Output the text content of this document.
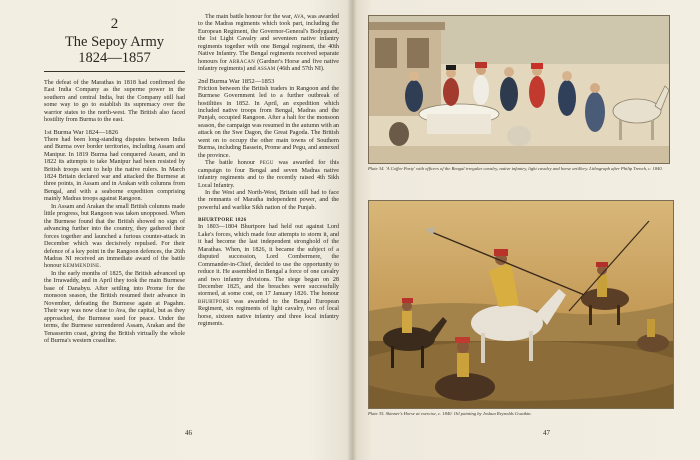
2
The Sepoy Army
1824—1857

The defeat of the Marathas in 1818 had confirmed the East India Company as the superme power in the southern and central India, but the Company still had some way to go to establish its supremacy over the warrior states to the north-west. The British also faced hostility from Burma to the east.

1st Burma War 1824—1826

There had been long-standing disputes between India and Burma over border territories, including Assam and Manipur. In 1819 Burma had conquered Assam, and in 1822 its attempts to take Manipur had been resisted by British troops sent to help the native rulers. In March 1824 Britain declared war and attacked the Burmese at three points, in Assam and in Arakan with columns from Bengal, and with a seaborne expedition comprising mainly Madras troops against Rangoon.

In Assam and Arakan the small British columns made little progress, but Rangoon was taken unopposed. When the Burmese found that the British showed no sign of advancing further into the country, they gathered their forces together and launched a furious counter-attack in December which was decisively repulsed. For their defence of a key point in the Rangoon defences, the 26th Madras NI received an immediate award of the battle honour KEMMENDINE.

In the early months of 1825, the British advanced up the Irrawaddy, and in April they took the main Burmese base of Danabyu. After settling into Prome for the monsoon season, the British resumed their advance in November, defeating the Burmese again at Pagahm. Their way was now clear to Ava, the capital, but as they approached, the Burmese sued for peace. Under the terms, the Burmese surrendered Assam, Arakan and the Tenasserim coast, giving the British virtually the whole of Burma's western coastline.

The main battle honour for the war, AVA, was awarded to the Madras regiments which took part, including the European Regiment, the Governor-General's Bodyguard, the 1st Light Cavalry and seventeen native infantry regiments together with one Bengal regiment, the 40th Native Infantry. The Bengal regiments received separate honours for ARRACAN (Gardner's Horse and five native infantry regiments) and ASSAM (46th and 57th NI).

2nd Burma War 1852—1853

Friction between the British traders in Rangoon and the Burmese Government led to a further outbreak of hostilities in 1852. In April, an expedition which included native troops from Bengal, Madras and the Punjab, occupied Rangoon. After a halt for the monsoon season, the campaign was resumed in the autumn with an attack on the Swe Dagon, the Great Pagoda. The British went on to occupy the other main towns of Southern Burma, including Bassein, Prome and Pegu, and annexed the province.

The battle honour PEGU was awarded for this campaign to four Bengal and seven Madras native infantry regiments and to the recently raised 4th Sikh Local Infantry.

In the West and North-West, Britain still had to face the remnants of Maratha independent power, and the powerful and warlike Sikh nation of the Punjab.

BHURTPORE 1826

In 1803—1804 Bhurtpore had held out against Lord Lake's forces, which made four attempts to storm it, and it had become the last independent stronghold of the Marathas. When, in 1826, it became the subject of a disputed succession, Lord Combermere, the Commander-in-Chief, decided to use the opportunity to reduce it. He assembled in Bengal a force of one cavalry and two infantry divisions. The siege began on 28 December 1825, and the breaches were successfully stormed, at some cost, on 17 January 1826. The honour BHURTPORE was awarded to the Bengal European Regiment, six regiments of light cavalry, two of local horse, sixteen native infantry and three local infantry regiments.

46	47
Plate 34. 'A Coffee Party' with officers of the Bengal irregular cavalry, native infantry, light cavalry and horse artillery. Lithograph after Philip Trench, c. 1840.
Plate 35. Skinner's Horse at exercise, c. 1840. Oil painting by Joshua Reynolds Gwatkin.
